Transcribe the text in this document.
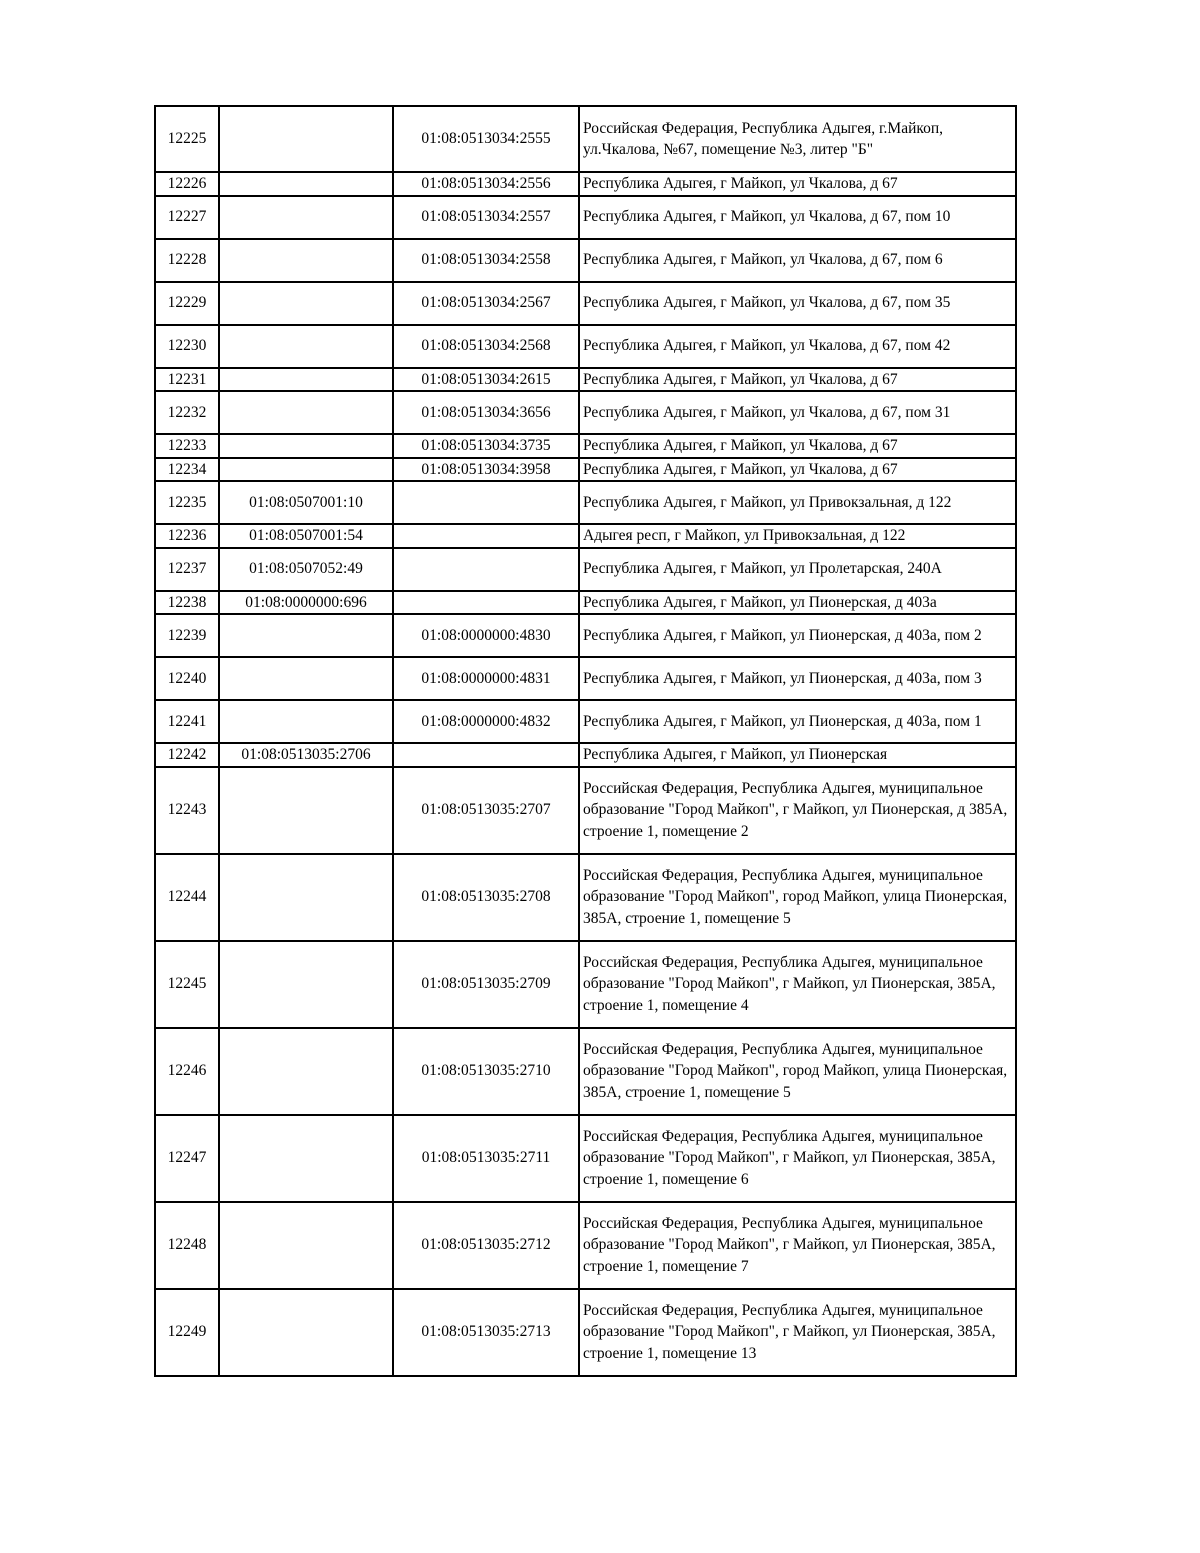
12225		01:08:0513034:2555	Российская Федерация, Республика Адыгея, г.Майкоп, ул.Чкалова, №67, помещение №3, литер "Б"
12226		01:08:0513034:2556	Республика Адыгея, г Майкоп, ул Чкалова, д 67
12227		01:08:0513034:2557	Республика Адыгея, г Майкоп, ул Чкалова, д 67, пом 10
12228		01:08:0513034:2558	Республика Адыгея, г Майкоп, ул Чкалова, д 67, пом 6
12229		01:08:0513034:2567	Республика Адыгея, г Майкоп, ул Чкалова, д 67, пом 35
12230		01:08:0513034:2568	Республика Адыгея, г Майкоп, ул Чкалова, д 67, пом 42
12231		01:08:0513034:2615	Республика Адыгея, г Майкоп, ул Чкалова, д 67
12232		01:08:0513034:3656	Республика Адыгея, г Майкоп, ул Чкалова, д 67, пом 31
12233		01:08:0513034:3735	Республика Адыгея, г Майкоп, ул Чкалова, д 67
12234		01:08:0513034:3958	Республика Адыгея, г Майкоп, ул Чкалова, д 67
12235	01:08:0507001:10		Республика Адыгея, г Майкоп, ул Привокзальная, д 122
12236	01:08:0507001:54		Адыгея респ, г Майкоп, ул Привокзальная, д 122
12237	01:08:0507052:49		Республика Адыгея, г Майкоп, ул Пролетарская, 240А
12238	01:08:0000000:696		Республика Адыгея, г Майкоп, ул Пионерская, д 403а
12239		01:08:0000000:4830	Республика Адыгея, г Майкоп, ул Пионерская, д 403а, пом 2
12240		01:08:0000000:4831	Республика Адыгея, г Майкоп, ул Пионерская, д 403а, пом 3
12241		01:08:0000000:4832	Республика Адыгея, г Майкоп, ул Пионерская, д 403а, пом 1
12242	01:08:0513035:2706		Республика Адыгея, г Майкоп, ул Пионерская
12243		01:08:0513035:2707	Российская Федерация, Республика Адыгея, муниципальное образование "Город Майкоп", г Майкоп, ул Пионерская, д 385А, строение 1, помещение 2
12244		01:08:0513035:2708	Российская Федерация, Республика Адыгея, муниципальное образование "Город Майкоп", город Майкоп, улица Пионерская, 385А, строение 1, помещение 5
12245		01:08:0513035:2709	Российская Федерация, Республика Адыгея, муниципальное образование "Город Майкоп", г Майкоп, ул Пионерская, 385А, строение 1, помещение 4
12246		01:08:0513035:2710	Российская Федерация, Республика Адыгея, муниципальное образование "Город Майкоп", город Майкоп, улица Пионерская, 385А, строение 1, помещение 5
12247		01:08:0513035:2711	Российская Федерация, Республика Адыгея, муниципальное образование "Город Майкоп", г Майкоп, ул Пионерская, 385А, строение 1, помещение 6
12248		01:08:0513035:2712	Российская Федерация, Республика Адыгея, муниципальное образование "Город Майкоп", г Майкоп, ул Пионерская, 385А, строение 1, помещение 7
12249		01:08:0513035:2713	Российская Федерация, Республика Адыгея, муниципальное образование "Город Майкоп", г Майкоп, ул Пионерская, 385А, строение 1, помещение 13
